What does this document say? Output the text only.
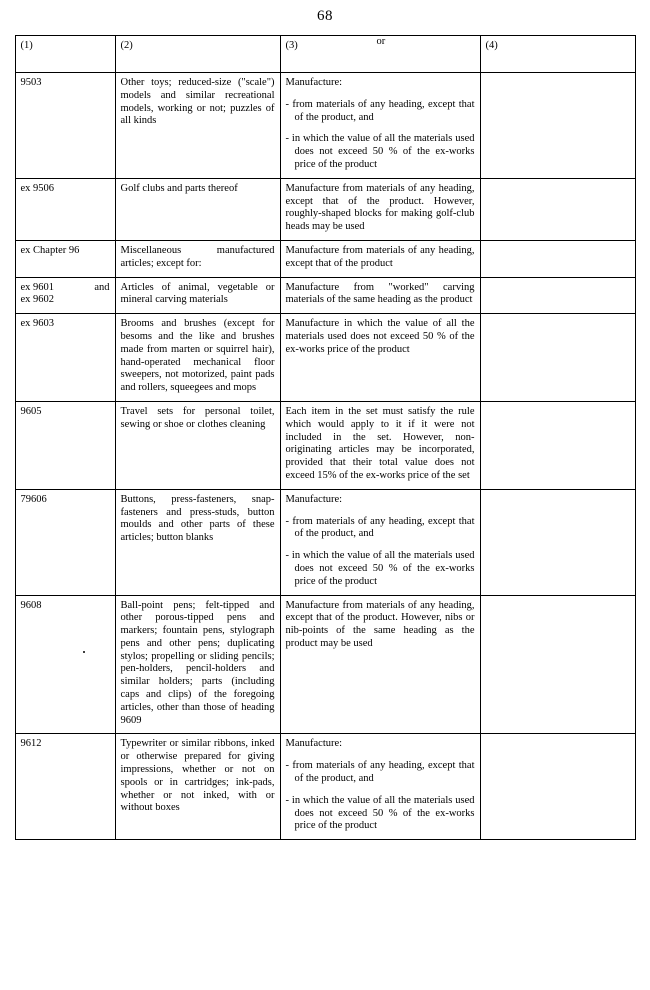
68
(1)	(2)	(3) or	(4)
9503	Other toys; reduced-size ("scale") models and similar recreational models, working or not; puzzles of all kinds	Manufacture:

- from materials of any heading, except that of the product, and

- in which the value of all the materials used does not exceed 50 % of the ex-works price of the product	

ex 9506	Golf clubs and parts thereof	Manufacture from materials of any heading, except that of the product. However, roughly-shaped blocks for making golf-club heads may be used	

ex Chapter 96	Miscellaneous manufactured articles; except for:	Manufacture from materials of any heading, except that of the product	

ex 9601 and
ex 9602	Articles of animal, vegetable or mineral carving materials	Manufacture from "worked" carving materials of the same heading as the product	

ex 9603	Brooms and brushes (except for besoms and the like and brushes made from marten or squirrel hair), hand-operated mechanical floor sweepers, not motorized, paint pads and rollers, squeegees and mops	Manufacture in which the value of all the materials used does not exceed 50 % of the ex-works price of the product	

9605	Travel sets for personal toilet, sewing or shoe or clothes cleaning	Each item in the set must satisfy the rule which would apply to it if it were not included in the set. However, non-originating articles may be incorporated, provided that their total value does not exceed 15% of the ex-works price of the set	

79606	Buttons, press-fasteners, snap-fasteners and press-studs, button moulds and other parts of these articles; button blanks	Manufacture:

- from materials of any heading, except that of the product, and

- in which the value of all the materials used does not exceed 50 % of the ex-works price of the product	

9608	Ball-point pens; felt-tipped and other porous-tipped pens and markers; fountain pens, stylograph pens and other pens; duplicating stylos; propelling or sliding pencils; pen-holders, pencil-holders and similar holders; parts (including caps and clips) of the foregoing articles, other than those of heading 9609	Manufacture from materials of any heading, except that of the product. However, nibs or nib-points of the same heading as the product may be used	

9612	Typewriter or similar ribbons, inked or otherwise prepared for giving impressions, whether or not on spools or in cartridges; ink-pads, whether or not inked, with or without boxes	Manufacture:

- from materials of any heading, except that of the product, and

- in which the value of all the materials used does not exceed 50 % of the ex-works price of the product	
